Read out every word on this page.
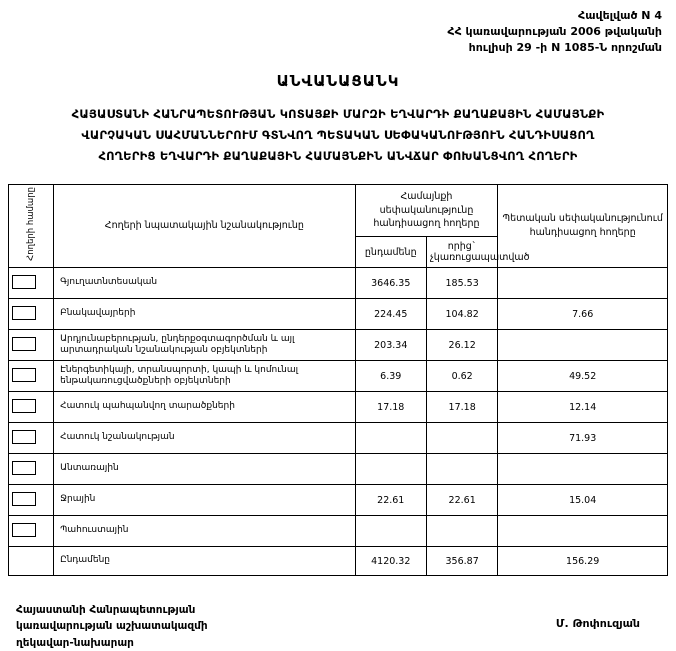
Հավելված N 4
ՀՀ կառավարության 2006 թվականի
հուլիսի 29 -ի N 1085-Ն որոշման
ԱՆՎԱՆԱՑԱՆԿ
ՀԱՅԱՍՏԱՆԻ ՀԱՆՐԱՊԵՏՈՒԹՅԱՆ ԿՈՏԱՅՔԻ ՄԱՐԶԻ ԵՂՎԱՐԴԻ ՔԱՂԱՔԱՅԻՆ ՀԱՄԱՅՆՔԻ
ՎԱՐՉԱԿԱՆ ՍԱՀՄԱՆՆԵՐՈՒՄ ԳՏՆՎՈՂ ՊԵՏԱԿԱՆ ՍԵՓԱԿԱՆՈՒԹՅՈՒՆ ՀԱՆԴԻՍԱՑՈՂ
ՀՈՂԵՐԻՑ ԵՂՎԱՐԴԻ ՔԱՂԱՔԱՅԻՆ ՀԱՄԱՅՆՔԻՆ ԱՆՎՃԱՐ ՓՈԽԱՆՑՎՈՂ ՀՈՂԵՐԻ
Հողերի համարը	Հողերի նպատակային նշանակությունը	Համայնքի սեփականությունը հանդիսացող հողերը		Պետական սեփականությունում հանդիսացող հողերը
		ընդամենը	որից` չկառուցապատված	
	Գյուղատնտեսական	3646.35	185.53	
	Բնակավայրերի	224.45	104.82	7.66
	Արդյունաբերության, ընդերքօգտագործման և այլ արտադրական նշանակության օբյեկտների	203.34	26.12	
	Էներգետիկայի, տրանսպորտի, կապի և կոմունալ ենթակառուցվածքների օբյեկտների	6.39	0.62	49.52
	Հատուկ պահպանվող տարածքների	17.18	17.18	12.14
	Հատուկ նշանակության			71.93
	Անտառային			
	Ջրային	22.61	22.61	15.04
	Պահուստային			
	Ընդամենը	4120.32	356.87	156.29
Հայաստանի Հանրապետության
կառավարության աշխատակազմի
ղեկավար-նախարար
Մ. Թոփուզյան
